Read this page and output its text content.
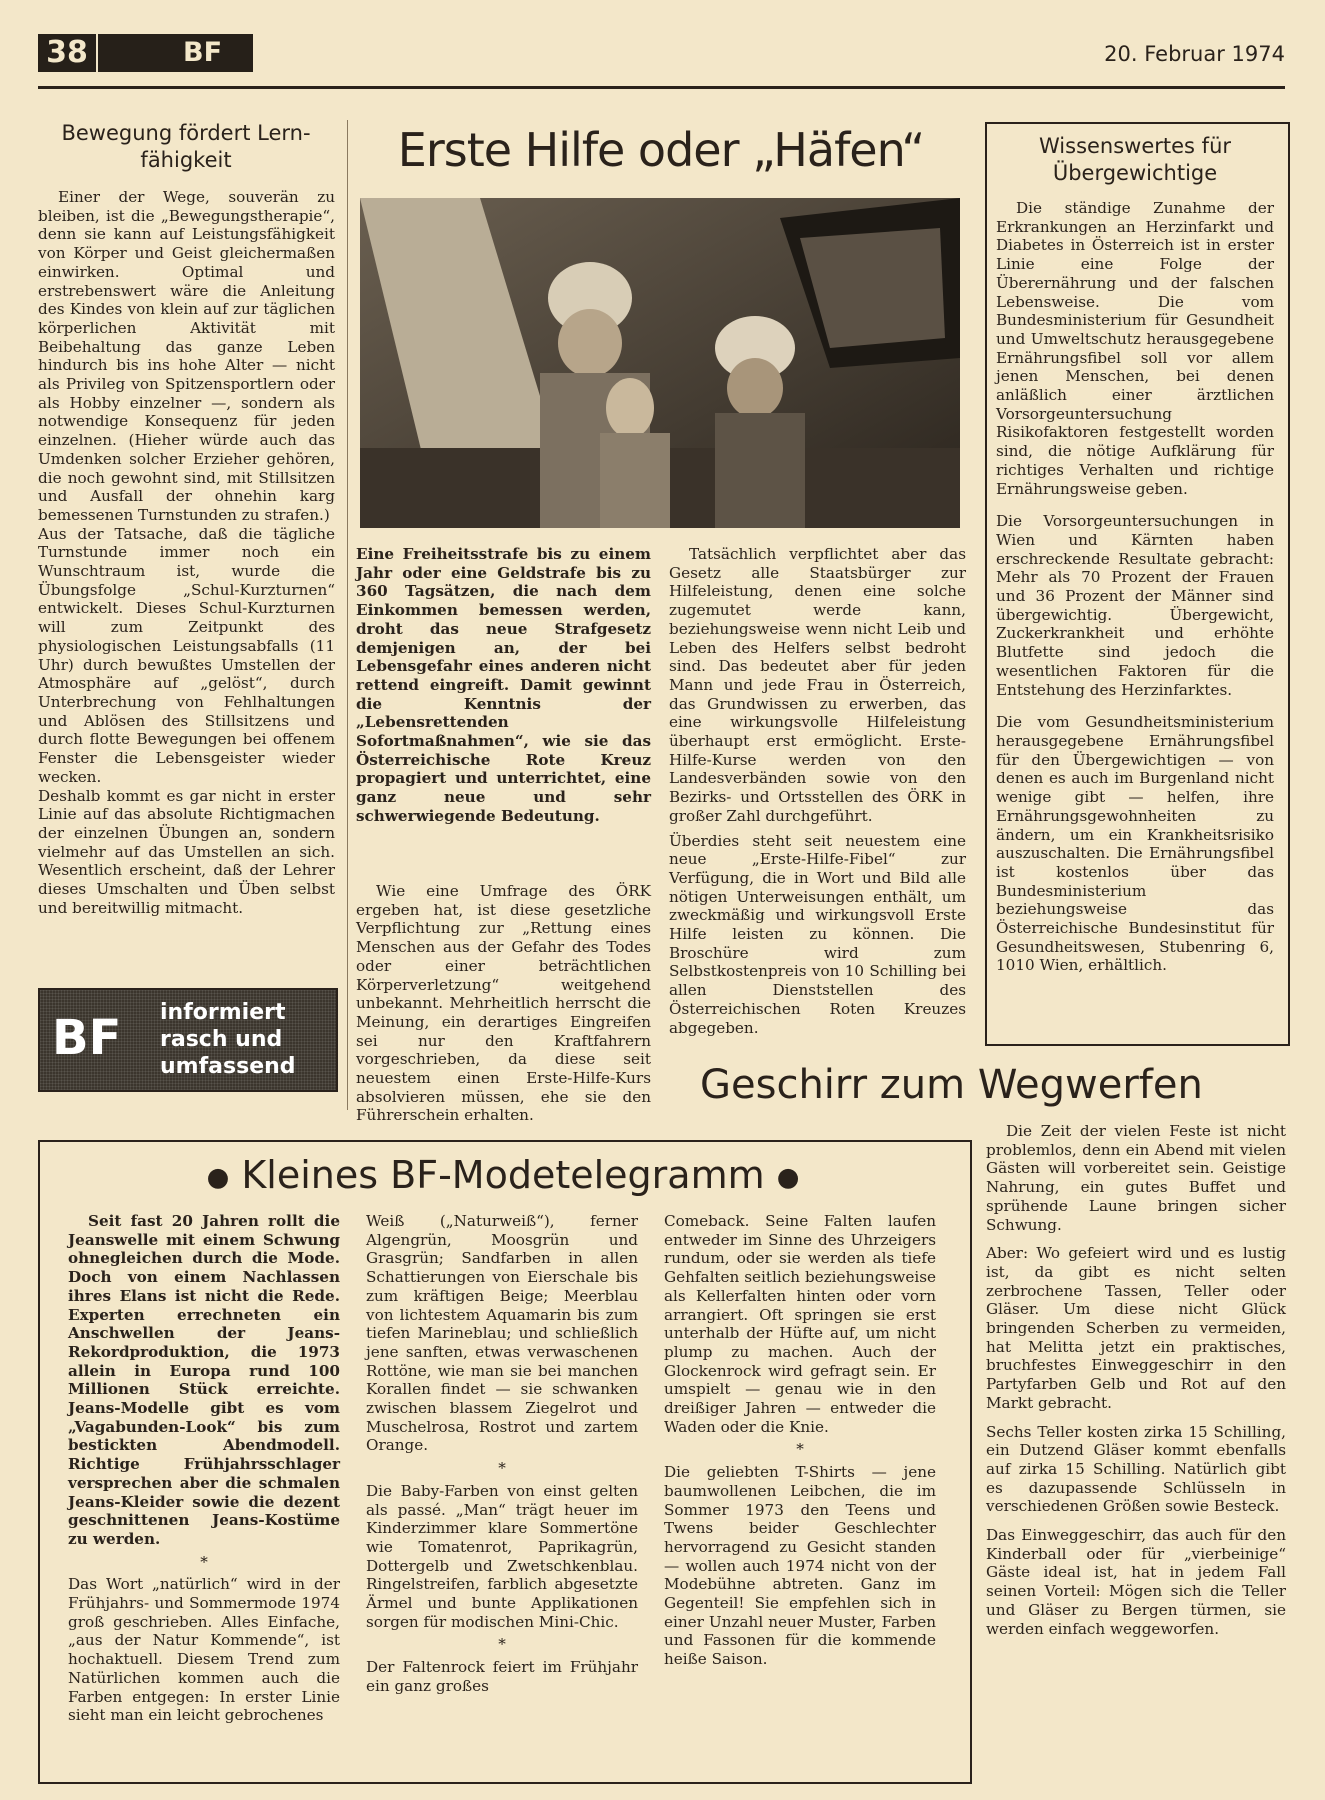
38	BF	20. Februar 1974
Bewegung fördert Lern-
fähigkeit

Einer der Wege, souverän zu bleiben, ist die „Bewegungstherapie“, denn sie kann auf Leistungsfähigkeit von Körper und Geist gleichermaßen einwirken. Optimal und erstrebenswert wäre die Anleitung des Kindes von klein auf zur täglichen körperlichen Aktivität mit Beibehaltung das ganze Leben hindurch bis ins hohe Alter — nicht als Privileg von Spitzensportlern oder als Hobby einzelner —, sondern als notwendige Konsequenz für jeden einzelnen. (Hieher würde auch das Umdenken solcher Erzieher gehören, die noch gewohnt sind, mit Stillsitzen und Ausfall der ohnehin karg bemessenen Turnstunden zu strafen.)

Aus der Tatsache, daß die tägliche Turnstunde immer noch ein Wunschtraum ist, wurde die Übungsfolge „Schul-Kurzturnen“ entwickelt. Dieses Schul-Kurzturnen will zum Zeitpunkt des physiologischen Leistungsabfalls (11 Uhr) durch bewußtes Umstellen der Atmosphäre auf „gelöst“, durch Unterbrechung von Fehlhaltungen und Ablösen des Stillsitzens und durch flotte Bewegungen bei offenem Fenster die Lebensgeister wieder wecken.

Deshalb kommt es gar nicht in erster Linie auf das absolute Richtigmachen der einzelnen Übungen an, sondern vielmehr auf das Umstellen an sich. Wesentlich erscheint, daß der Lehrer dieses Umschalten und Üben selbst und bereitwillig mitmacht.

BF informiert
rasch und
umfassend
Erste Hilfe oder „Häfen“
Eine Freiheitsstrafe bis zu einem Jahr oder eine Geldstrafe bis zu 360 Tagsätzen, die nach dem Einkommen bemessen werden, droht das neue Strafgesetz demjenigen an, der bei Lebensgefahr eines anderen nicht rettend eingreift. Damit gewinnt die Kenntnis der „Lebensrettenden Sofortmaßnahmen“, wie sie das Österreichische Rote Kreuz propagiert und unterrichtet, eine ganz neue und sehr schwerwiegende Bedeutung.

Wie eine Umfrage des ÖRK ergeben hat, ist diese gesetzliche Verpflichtung zur „Rettung eines Menschen aus der Gefahr des Todes oder einer beträchtlichen Körperverletzung“ weitgehend unbekannt. Mehrheitlich herrscht die Meinung, ein derartiges Eingreifen sei nur den Kraftfahrern vorgeschrieben, da diese seit neuestem einen Erste-Hilfe-Kurs absolvieren müssen, ehe sie den Führerschein erhalten.

Tatsächlich verpflichtet aber das Gesetz alle Staatsbürger zur Hilfeleistung, denen eine solche zugemutet werde kann, beziehungsweise wenn nicht Leib und Leben des Helfers selbst bedroht sind. Das bedeutet aber für jeden Mann und jede Frau in Österreich, das Grundwissen zu erwerben, das eine wirkungsvolle Hilfeleistung überhaupt erst ermöglicht. Erste-Hilfe-Kurse werden von den Landesverbänden sowie von den Bezirks- und Ortsstellen des ÖRK in großer Zahl durchgeführt.

Überdies steht seit neuestem eine neue „Erste-Hilfe-Fibel“ zur Verfügung, die in Wort und Bild alle nötigen Unterweisungen enthält, um zweckmäßig und wirkungsvoll Erste Hilfe leisten zu können. Die Broschüre wird zum Selbstkostenpreis von 10 Schilling bei allen Dienststellen des Österreichischen Roten Kreuzes abgegeben.

Wissenswertes für
Übergewichtige

Die ständige Zunahme der Erkrankungen an Herzinfarkt und Diabetes in Österreich ist in erster Linie eine Folge der Überernährung und der falschen Lebensweise. Die vom Bundesministerium für Gesundheit und Umweltschutz herausgegebene Ernährungsfibel soll vor allem jenen Menschen, bei denen anläßlich einer ärztlichen Vorsorgeuntersuchung Risikofaktoren festgestellt worden sind, die nötige Aufklärung für richtiges Verhalten und richtige Ernährungsweise geben.

Die Vorsorgeuntersuchungen in Wien und Kärnten haben erschreckende Resultate gebracht: Mehr als 70 Prozent der Frauen und 36 Prozent der Männer sind übergewichtig. Übergewicht, Zuckerkrankheit und erhöhte Blutfette sind jedoch die wesentlichen Faktoren für die Entstehung des Herzinfarktes.

Die vom Gesundheitsministerium herausgegebene Ernährungsfibel für den Übergewichtigen — von denen es auch im Burgenland nicht wenige gibt — helfen, ihre Ernährungsgewohnheiten zu ändern, um ein Krankheitsrisiko auszuschalten. Die Ernährungsfibel ist kostenlos über das Bundesministerium beziehungsweise das Österreichische Bundesinstitut für Gesundheitswesen, Stubenring 6, 1010 Wien, erhältlich.

Geschirr zum Wegwerfen

Die Zeit der vielen Feste ist nicht problemlos, denn ein Abend mit vielen Gästen will vorbereitet sein. Geistige Nahrung, ein gutes Buffet und sprühende Laune bringen sicher Schwung.

Aber: Wo gefeiert wird und es lustig ist, da gibt es nicht selten zerbrochene Tassen, Teller oder Gläser. Um diese nicht Glück bringenden Scherben zu vermeiden, hat Melitta jetzt ein praktisches, bruchfestes Einweggeschirr in den Partyfarben Gelb und Rot auf den Markt gebracht.

Sechs Teller kosten zirka 15 Schilling, ein Dutzend Gläser kommt ebenfalls auf zirka 15 Schilling. Natürlich gibt es dazupassende Schlüsseln in verschiedenen Größen sowie Besteck.

Das Einweggeschirr, das auch für den Kinderball oder für „vierbeinige“ Gäste ideal ist, hat in jedem Fall seinen Vorteil: Mögen sich die Teller und Gläser zu Bergen türmen, sie werden einfach weggeworfen.

● Kleines BF-Modetelegramm ●

Seit fast 20 Jahren rollt die Jeanswelle mit einem Schwung ohnegleichen durch die Mode. Doch von einem Nachlassen ihres Elans ist nicht die Rede. Experten errechneten ein Anschwellen der Jeans-Rekordproduktion, die 1973 allein in Europa rund 100 Millionen Stück erreichte. Jeans-Modelle gibt es vom „Vagabunden-Look“ bis zum bestickten Abendmodell. Richtige Frühjahrsschlager versprechen aber die schmalen Jeans-Kleider sowie die dezent geschnittenen Jeans-Kostüme zu werden.

*

Das Wort „natürlich“ wird in der Frühjahrs- und Sommermode 1974 groß geschrieben. Alles Einfache, „aus der Natur Kommende“, ist hochaktuell. Diesem Trend zum Natürlichen kommen auch die Farben entgegen: In erster Linie sieht man ein leicht gebrochenes

Weiß („Naturweiß“), ferner Algengrün, Moosgrün und Grasgrün; Sandfarben in allen Schattierungen von Eierschale bis zum kräftigen Beige; Meerblau von lichtestem Aquamarin bis zum tiefen Marineblau; und schließlich jene sanften, etwas verwaschenen Rottöne, wie man sie bei manchen Korallen findet — sie schwanken zwischen blassem Ziegelrot und Muschelrosa, Rostrot und zartem Orange.

*

Die Baby-Farben von einst gelten als passé. „Man“ trägt heuer im Kinderzimmer klare Sommertöne wie Tomatenrot, Paprikagrün, Dottergelb und Zwetschkenblau. Ringelstreifen, farblich abgesetzte Ärmel und bunte Applikationen sorgen für modischen Mini-Chic.

*

Der Faltenrock feiert im Frühjahr ein ganz großes

Comeback. Seine Falten laufen entweder im Sinne des Uhrzeigers rundum, oder sie werden als tiefe Gehfalten seitlich beziehungsweise als Kellerfalten hinten oder vorn arrangiert. Oft springen sie erst unterhalb der Hüfte auf, um nicht plump zu machen. Auch der Glockenrock wird gefragt sein. Er umspielt — genau wie in den dreißiger Jahren — entweder die Waden oder die Knie.

*

Die geliebten T-Shirts — jene baumwollenen Leibchen, die im Sommer 1973 den Teens und Twens beider Geschlechter hervorragend zu Gesicht standen — wollen auch 1974 nicht von der Modebühne abtreten. Ganz im Gegenteil! Sie empfehlen sich in einer Unzahl neuer Muster, Farben und Fassonen für die kommende heiße Saison.
